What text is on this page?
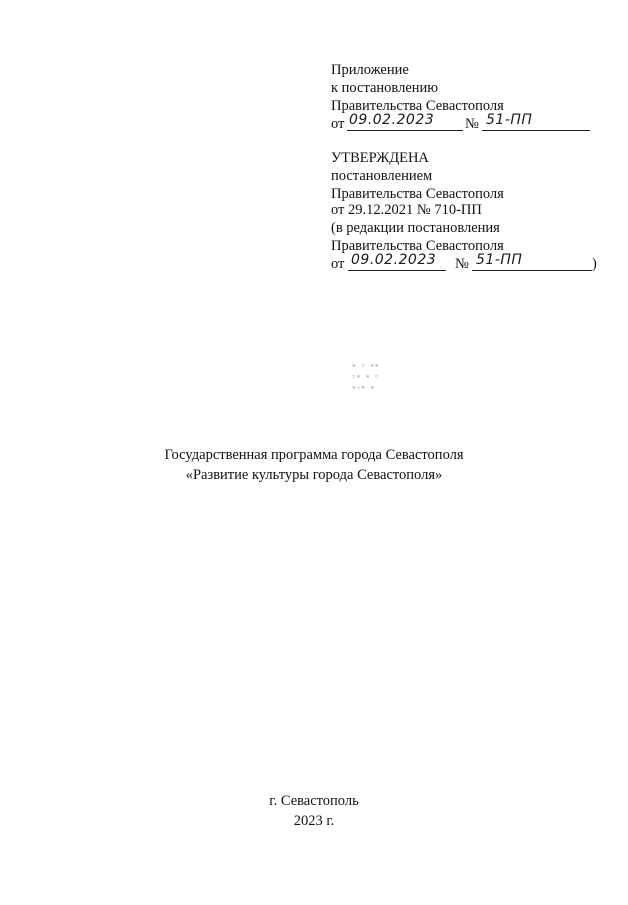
Приложение
к постановлению
Правительства Севастополя
от 09.02.2023 № 51-ПП
УТВЕРЖДЕНА
постановлением
Правительства Севастополя
от 29.12.2021 № 710-ПП
(в редакции постановления
Правительства Севастополя
от 09.02.2023 № 51-ПП	)
▪ ▫ ▪▪
▫▪ ▪ ▫
▪▫▪ ▪
Государственная программа города Севастополя
«Развитие культуры города Севастополя»
г. Севастополь
2023 г.
